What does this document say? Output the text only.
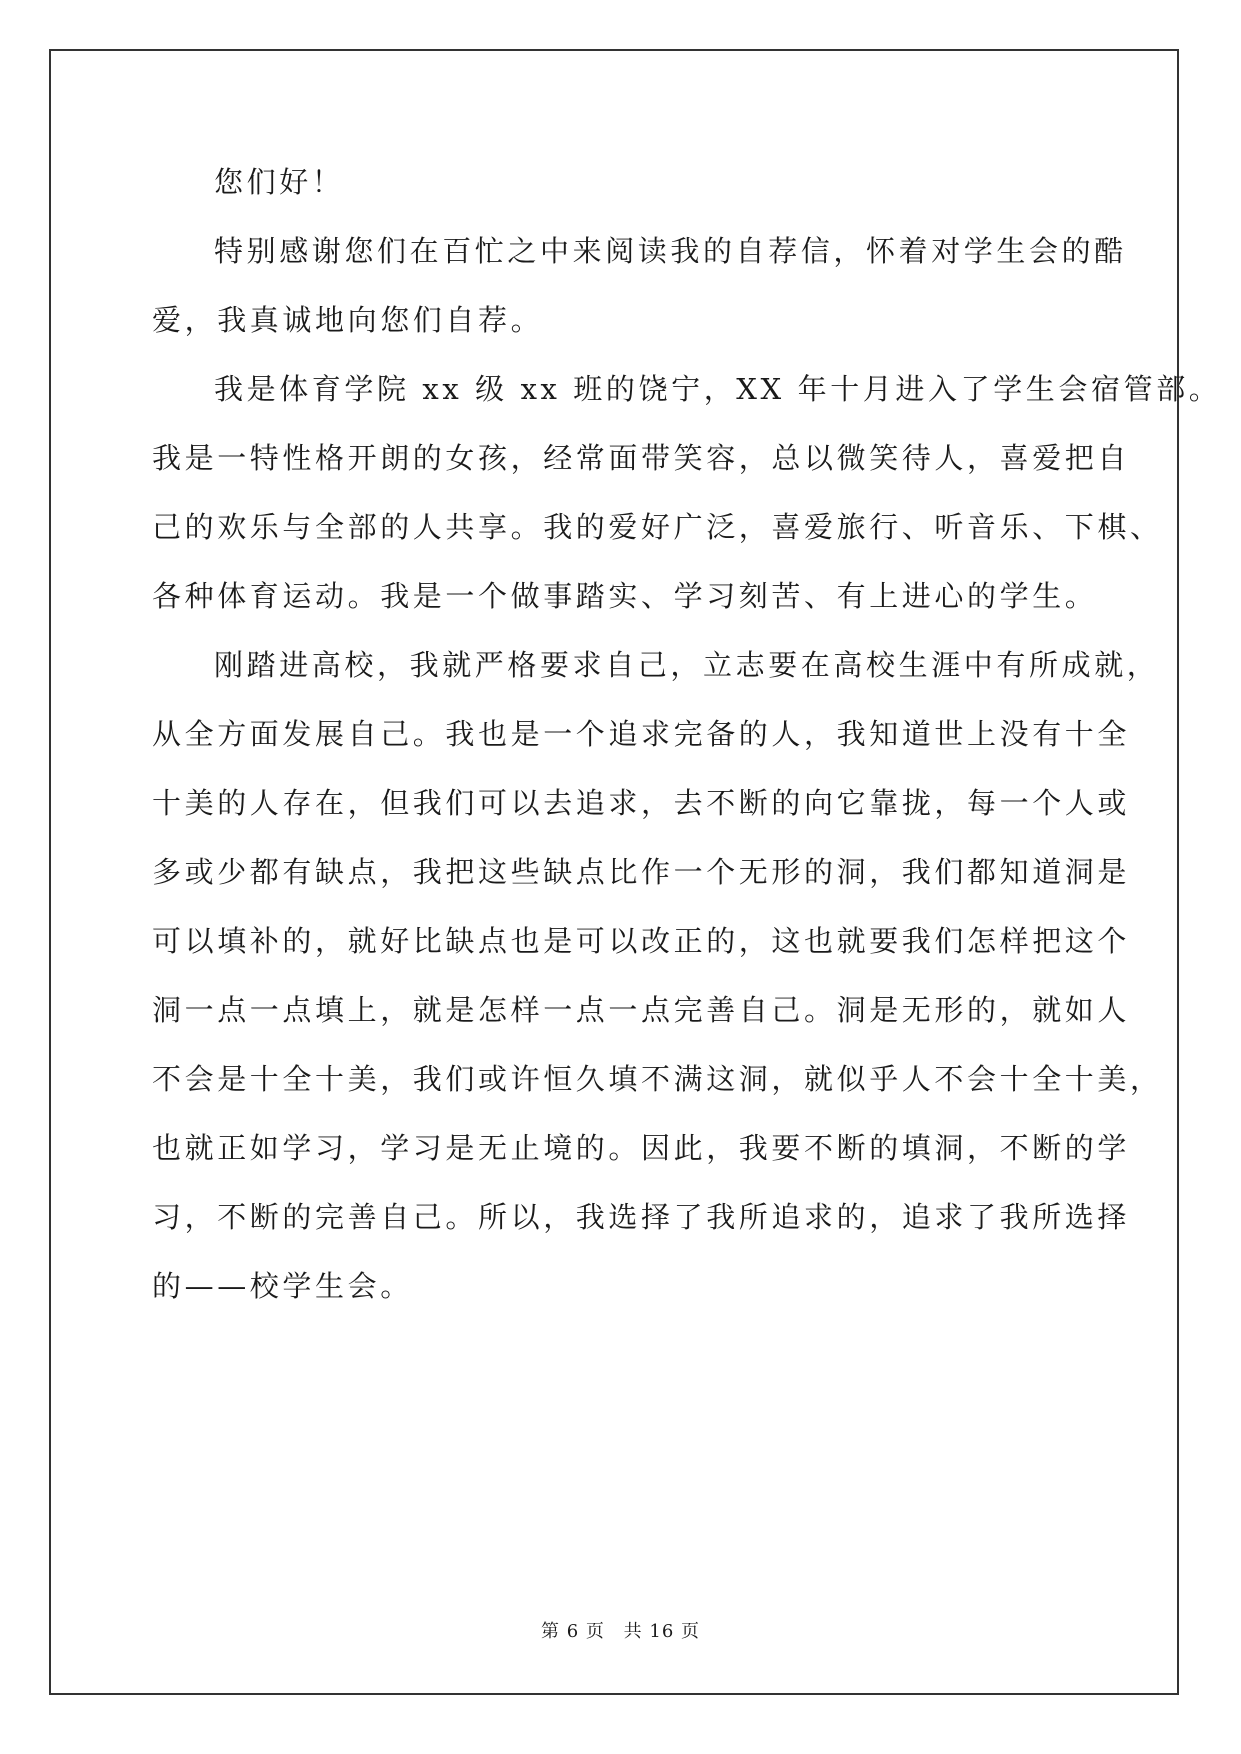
您们好！
特别感谢您们在百忙之中来阅读我的自荐信，怀着对学生会的酷
爱，我真诚地向您们自荐。
我是体育学院 xx 级 xx 班的饶宁，XX 年十月进入了学生会宿管部。
我是一特性格开朗的女孩，经常面带笑容，总以微笑待人，喜爱把自
己的欢乐与全部的人共享。我的爱好广泛，喜爱旅行、听音乐、下棋、
各种体育运动。我是一个做事踏实、学习刻苦、有上进心的学生。
刚踏进高校，我就严格要求自己，立志要在高校生涯中有所成就，
从全方面发展自己。我也是一个追求完备的人，我知道世上没有十全
十美的人存在，但我们可以去追求，去不断的向它靠拢，每一个人或
多或少都有缺点，我把这些缺点比作一个无形的洞，我们都知道洞是
可以填补的，就好比缺点也是可以改正的，这也就要我们怎样把这个
洞一点一点填上，就是怎样一点一点完善自己。洞是无形的，就如人
不会是十全十美，我们或许恒久填不满这洞，就似乎人不会十全十美，
也就正如学习，学习是无止境的。因此，我要不断的填洞，不断的学
习，不断的完善自己。所以，我选择了我所追求的，追求了我所选择
的——校学生会。
第 6 页 共 16 页
